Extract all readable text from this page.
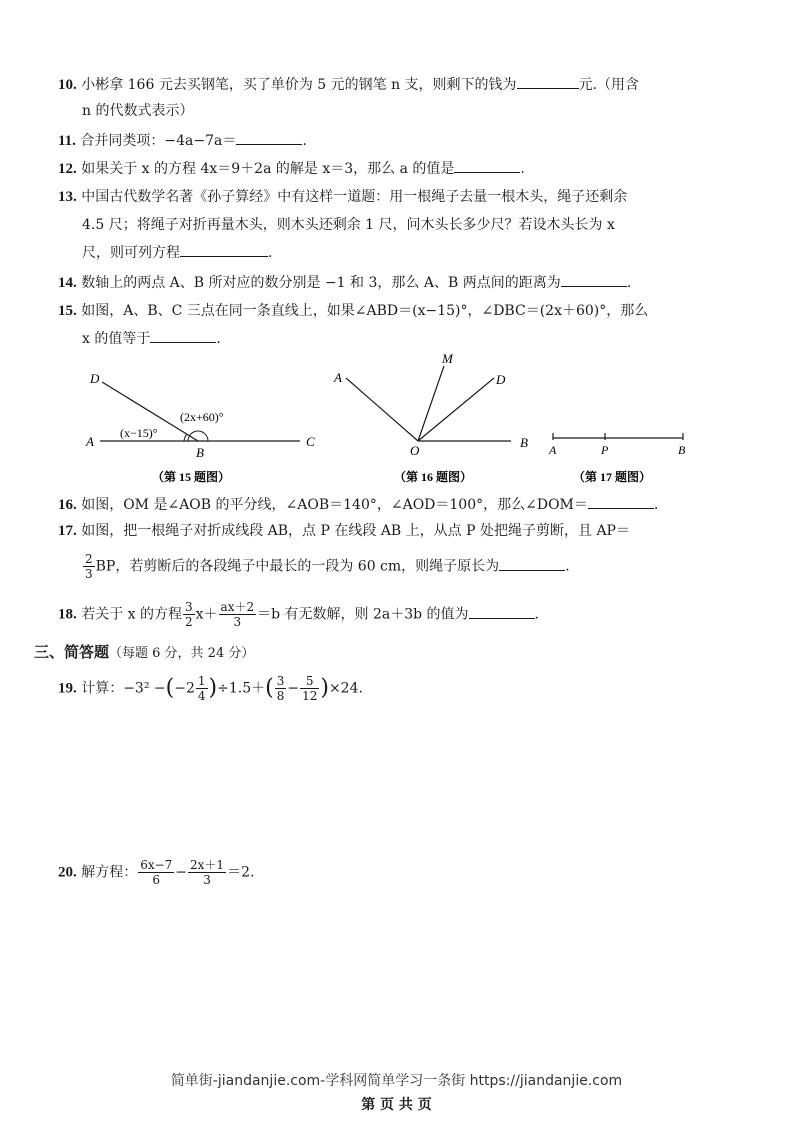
10. 小彬拿 166 元去买钢笔，买了单价为 5 元的钢笔 n 支，则剩下的钱为	元.（用含
n 的代数式表示）
11. 合并同类项：−4a−7a＝	.
12. 如果关于 x 的方程 4x＝9＋2a 的解是 x＝3，那么 a 的值是	.
13. 中国古代数学名著《孙子算经》中有这样一道题：用一根绳子去量一根木头，绳子还剩余
4.5 尺；将绳子对折再量木头，则木头还剩余 1 尺，问木头长多少尺？若设木头长为 x
尺，则可列方程	.
14. 数轴上的两点 A、B 所对应的数分别是 −1 和 3，那么 A、B 两点间的距离为	.
15. 如图，A、B、C 三点在同一条直线上，如果∠ABD＝(x−15)°，∠DBC＝(2x＋60)°，那么
x 的值等于	.
D
A
B
C
(x−15)°
(2x+60)°
（第 15 题图）
A
M
D
O
B
（第 16 题图）
A	P	B
（第 17 题图）
16. 如图，OM 是∠AOB 的平分线，∠AOB＝140°，∠AOD＝100°，那么∠DOM＝	.
17. 如图，把一根绳子对折成线段 AB，点 P 在线段 AB 上，从点 P 处把绳子剪断，且 AP＝
$\frac{2}{3}$ BP，若剪断后的各段绳子中最长的一段为 60 cm，则绳子原长为	.
18. 若关于 x 的方程 $\frac{3}{2} x+ \frac{ax+2}{3} =b$ 有无数解，则 2a＋3b 的值为	.
三、简答题（每题 6 分，共 24 分）
19. 计算：$-3^2 -(-2 \frac{1}{4} )\div 1.5+( \frac{3}{8} - \frac{5}{12} )\times 24$.
20. 解方程： $\frac{6x-7}{6} - \frac{2x+1}{3} =2$.
简单街-jiandanjie.com-学科网简单学习一条街 https://jiandanjie.com
第 页 共 页
